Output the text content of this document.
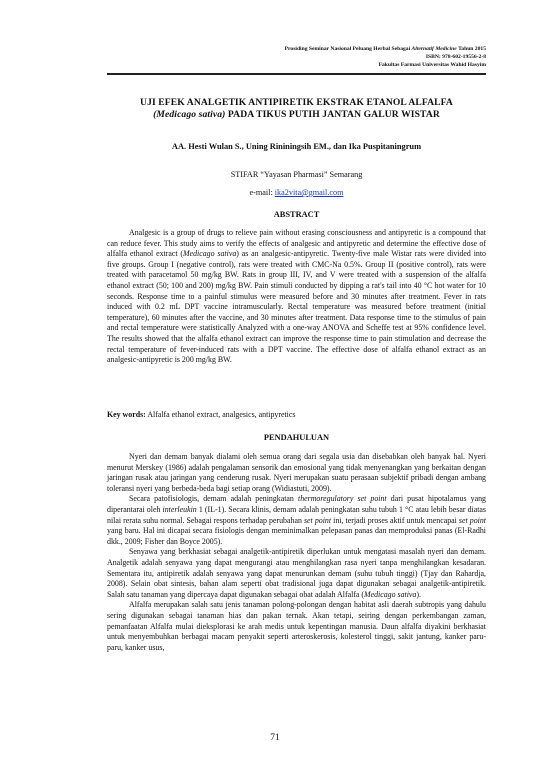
Prosiding Seminar Nasional Peluang Herbal Sebagai Alternatif Medicine Tahun 2015
ISBN: 978-602-19556-2-8
Fakultas Farmasi Universitas Wahid Hasyim
UJI EFEK ANALGETIK ANTIPIRETIK EKSTRAK ETANOL ALFALFA
(Medicago sativa) PADA TIKUS PUTIH JANTAN GALUR WISTAR
AA. Hesti Wulan S., Uning Rininingsih EM., dan Ika Puspitaningrum
STIFAR “Yayasan Pharmasi” Semarang
e-mail: ika2vita@gmail.com
ABSTRACT

Analgesic is a group of drugs to relieve pain without erasing consciousness and antipyretic is a compound that can reduce fever. This study aims to verify the effects of analgesic and antipyretic and determine the effective dose of alfalfa ethanol extract (Medicago sativa) as an analgesic-antipyretic. Twenty-five male Wistar rats were divided into five groups. Group I (negative control), rats were treated with CMC-Na 0.5%. Group II (positive control), rats were treated with paracetamol 50 mg/kg BW. Rats in group III, IV, and V were treated with a suspension of the alfalfa ethanol extract (50; 100 and 200) mg/kg BW. Pain stimuli conducted by dipping a rat's tail into 40 °C hot water for 10 seconds. Response time to a painful stimulus were measured before and 30 minutes after treatment. Fever in rats induced with 0.2 mL DPT vaccine intramuscularly. Rectal temperature was measured before treatment (initial temperature), 60 minutes after the vaccine, and 30 minutes after treatment. Data response time to the stimulus of pain and rectal temperature were statistically Analyzed with a one-way ANOVA and Scheffe test at 95% confidence level. The results showed that the alfalfa ethanol extract can improve the response time to pain stimulation and decrease the rectal temperature of fever-induced rats with a DPT vaccine. The effective dose of alfalfa ethanol extract as an analgesic-antipyretic is 200 mg/kg BW.

Key words: Alfalfa ethanol extract, analgesics, antipyretics
PENDAHULUAN

Nyeri dan demam banyak dialami oleh semua orang dari segala usia dan disebabkan oleh banyak hal. Nyeri menurut Merskey (1986) adalah pengalaman sensorik dan emosional yang tidak menyenangkan yang berkaitan dengan jaringan rusak atau jaringan yang cenderung rusak. Nyeri merupakan suatu perasaan subjektif pribadi dengan ambang toleransi nyeri yang berbeda-beda bagi setiap orang (Widiastuti, 2009).

Secara patofisiologis, demam adalah peningkatan thermoregulatory set point dari pusat hipotalamus yang diperantarai oleh interleukin 1 (IL-1). Secara klinis, demam adalah peningkatan suhu tubuh 1 °C atau lebih besar diatas nilai rerata suhu normal. Sebagai respons terhadap perubahan set point ini, terjadi proses aktif untuk mencapai set point yang baru. Hal ini dicapai secara fisiologis dengan meminimalkan pelepasan panas dan memproduksi panas (El-Radhi dkk., 2009; Fisher dan Boyce 2005).

Senyawa yang berkhasiat sebagai analgetik-antipiretik diperlukan untuk mengatasi masalah nyeri dan demam. Analgetik adalah senyawa yang dapat mengurangi atau menghilangkan rasa nyeri tanpa menghilangkan kesadaran. Sementara itu, antipiretik adalah senyawa yang dapat menurunkan demam (suhu tubuh tinggi) (Tjay dan Rahardja, 2008). Selain obat sintesis, bahan alam seperti obat tradisional juga dapat digunakan sebagai analgetik-antipiretik. Salah satu tanaman yang dipercaya dapat digunakan sebagai obat adalah Alfalfa (Medicago sativa).

Alfalfa merupakan salah satu jenis tanaman polong-polongan dengan habitat asli daerah subtropis yang dahulu sering digunakan sebagai tanaman hias dan pakan ternak. Akan tetapi, seiring dengan perkembangan zaman, pemanfaatan Alfalfa mulai dieksplorasi ke arah medis untuk kepentingan manusia. Daun alfalfa diyakini berkhasiat untuk menyembuhkan berbagai macam penyakit seperti arteroskerosis, kolesterol tinggi, sakit jantung, kanker paru-paru, kanker usus,

71
